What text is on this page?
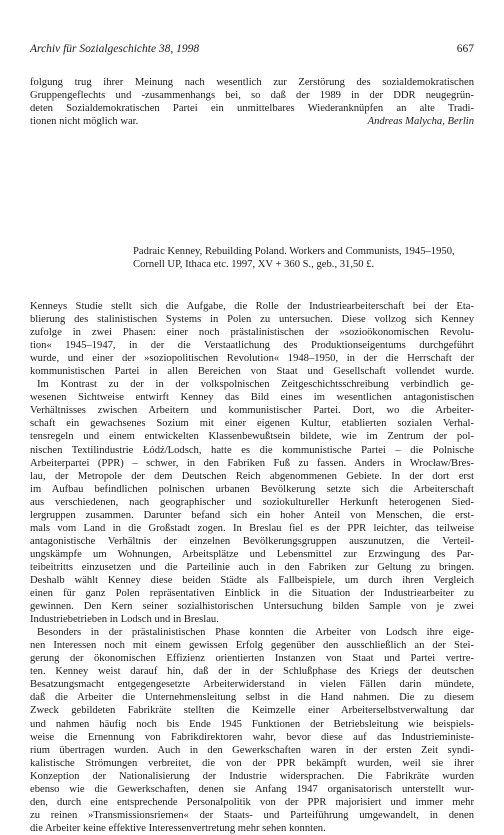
Archiv für Sozialgeschichte 38, 1998	667
folgung trug ihrer Meinung nach wesentlich zur Zerstörung des sozialdemokratischen
Gruppengeflechts und -zusammenhangs bei, so daß der 1989 in der DDR neugegrün-
deten Sozialdemokratischen Partei ein unmittelbares Wiederanknüpfen an alte Tradi-
tionen nicht möglich war.	Andreas Malycha, Berlin
Padraic Kenney, Rebuilding Poland. Workers and Communists, 1945–1950,
Cornell UP, Ithaca etc. 1997, XV + 360 S., geb., 31,50 £.
Kenneys Studie stellt sich die Aufgabe, die Rolle der Industriearbeiterschaft bei der Eta-
blierung des stalinistischen Systems in Polen zu untersuchen. Diese vollzog sich Kenney
zufolge in zwei Phasen: einer noch prästalinistischen der »sozioökonomischen Revolu-
tion« 1945–1947, in der die Verstaatlichung des Produktionseigentums durchgeführt
wurde, und einer der »soziopolitischen Revolution« 1948–1950, in der die Herrschaft der
kommunistischen Partei in allen Bereichen von Staat und Gesellschaft vollendet wurde.
Im Kontrast zu der in der volkspolnischen Zeitgeschichtsschreibung verbindlich ge-
wesenen Sichtweise entwirft Kenney das Bild eines im wesentlichen antagonistischen
Verhältnisses zwischen Arbeitern und kommunistischer Partei. Dort, wo die Arbeiter-
schaft ein gewachsenes Sozium mit einer eigenen Kultur, etablierten sozialen Verhal-
tensregeln und einem entwickelten Klassenbewußtsein bildete, wie im Zentrum der pol-
nischen Textilindustrie Łódź/Lodsch, hatte es die kommunistische Partei – die Polnische
Arbeiterpartei (PPR) – schwer, in den Fabriken Fuß zu fassen. Anders in Wrocław/Bres-
lau, der Metropole der dem Deutschen Reich abgenommenen Gebiete. In der dort erst
im Aufbau befindlichen polnischen urbanen Bevölkerung setzte sich die Arbeiterschaft
aus verschiedenen, nach geographischer und soziokultureller Herkunft heterogenen Sied-
lergruppen zusammen. Darunter befand sich ein hoher Anteil von Menschen, die erst-
mals vom Land in die Großstadt zogen. In Breslau fiel es der PPR leichter, das teilweise
antagonistische Verhältnis der einzelnen Bevölkerungsgruppen auszunutzen, die Verteil-
ungskämpfe um Wohnungen, Arbeitsplätze und Lebensmittel zur Erzwingung des Par-
teibeitritts einzusetzen und die Parteilinie auch in den Fabriken zur Geltung zu bringen.
Deshalb wählt Kenney diese beiden Städte als Fallbeispiele, um durch ihren Vergleich
einen für ganz Polen repräsentativen Einblick in die Situation der Industriearbeiter zu
gewinnen. Den Kern seiner sozialhistorischen Untersuchung bilden Sample von je zwei
Industriebetrieben in Lodsch und in Breslau.
Besonders in der prästalinistischen Phase konnten die Arbeiter von Lodsch ihre eige-
nen Interessen noch mit einem gewissen Erfolg gegenüber den ausschließlich an der Stei-
gerung der ökonomischen Effizienz orientierten Instanzen von Staat und Partei vertre-
ten. Kenney weist darauf hin, daß der in der Schlußphase des Kriegs der deutschen
Besatzungsmacht entgegengesetzte Arbeiterwiderstand in vielen Fällen darin mündete,
daß die Arbeiter die Unternehmensleitung selbst in die Hand nahmen. Die zu diesem
Zweck gebildeten Fabrikräte stellten die Keimzelle einer Arbeiterselbstverwaltung dar
und nahmen häufig noch bis Ende 1945 Funktionen der Betriebsleitung wie beispiels-
weise die Ernennung von Fabrikdirektoren wahr, bevor diese auf das Industrieministe-
rium übertragen wurden. Auch in den Gewerkschaften waren in der ersten Zeit syndi-
kalistische Strömungen verbreitet, die von der PPR bekämpft wurden, weil sie ihrer
Konzeption der Nationalisierung der Industrie widersprachen. Die Fabrikräte wurden
ebenso wie die Gewerkschaften, denen sie Anfang 1947 organisatorisch unterstellt wur-
den, durch eine entsprechende Personalpolitik von der PPR majorisiert und immer mehr
zu reinen »Transmissionsriemen« der Staats- und Parteiführung umgewandelt, in denen
die Arbeiter keine effektive Interessenvertretung mehr sehen konnten.
